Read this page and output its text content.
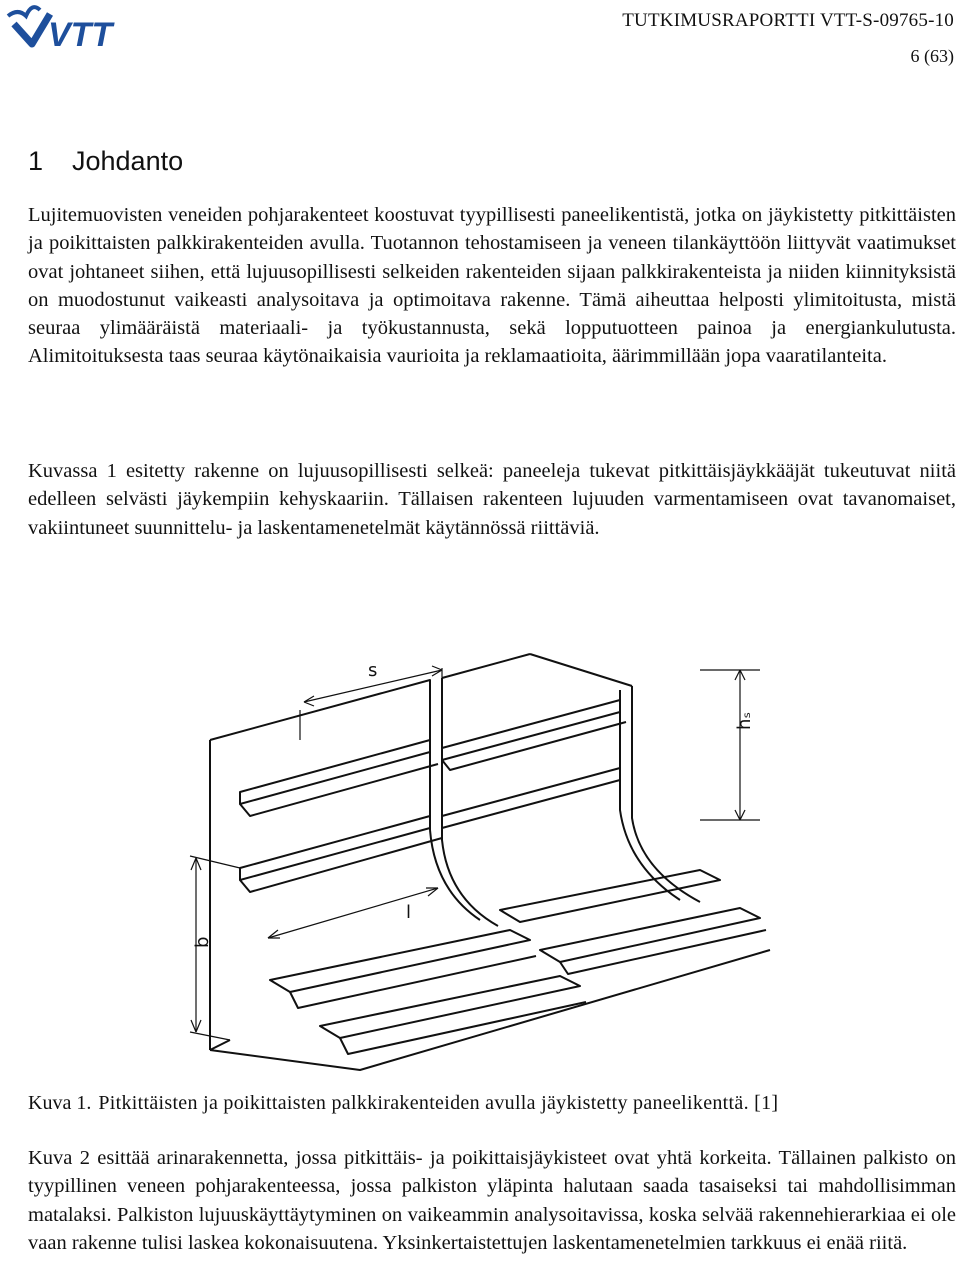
VTT	TUTKIMUSRAPORTTI VTT-S-09765-10
6 (63)
1 Johdanto

Lujitemuovisten veneiden pohjarakenteet koostuvat tyypillisesti paneelikentistä, jotka on jäykistetty pitkittäisten ja poikittaisten palkkirakenteiden avulla. Tuotannon tehostamiseen ja veneen tilankäyttöön liittyvät vaatimukset ovat johtaneet siihen, että lujuusopillisesti selkeiden rakenteiden sijaan palkkirakenteista ja niiden kiinnityksistä on muodostunut vaikeasti analysoitava ja optimoitava rakenne. Tämä aiheuttaa helposti ylimitoitusta, mistä seuraa ylimääräistä materiaali- ja työkustannusta, sekä lopputuotteen painoa ja energiankulutusta. Alimitoituksesta taas seuraa käytönaikaisia vaurioita ja reklamaatioita, äärimmillään jopa vaaratilanteita.

Kuvassa 1 esitetty rakenne on lujuusopillisesti selkeä: paneeleja tukevat pitkittäisjäykkääjät tukeutuvat niitä edelleen selvästi jäykempiin kehyskaariin. Tällaisen rakenteen lujuuden varmentamiseen ovat tavanomaiset, vakiintuneet suunnittelu- ja laskentamenetelmät käytännössä riittäviä.

s
hₛ
l
b
Kuva 1. Pitkittäisten ja poikittaisten palkkirakenteiden avulla jäykistetty paneelikenttä. [1]

Kuva 2 esittää arinarakennetta, jossa pitkittäis- ja poikittaisjäykisteet ovat yhtä korkeita. Tällainen palkisto on tyypillinen veneen pohjarakenteessa, jossa palkiston yläpinta halutaan saada tasaiseksi tai mahdollisimman matalaksi. Palkiston lujuuskäyttäytyminen on vaikeammin analysoitavissa, koska selvää rakennehierarkiaa ei ole vaan rakenne tulisi laskea kokonaisuutena. Yksinkertaistettujen laskentamenetelmien tarkkuus ei enää riitä.
